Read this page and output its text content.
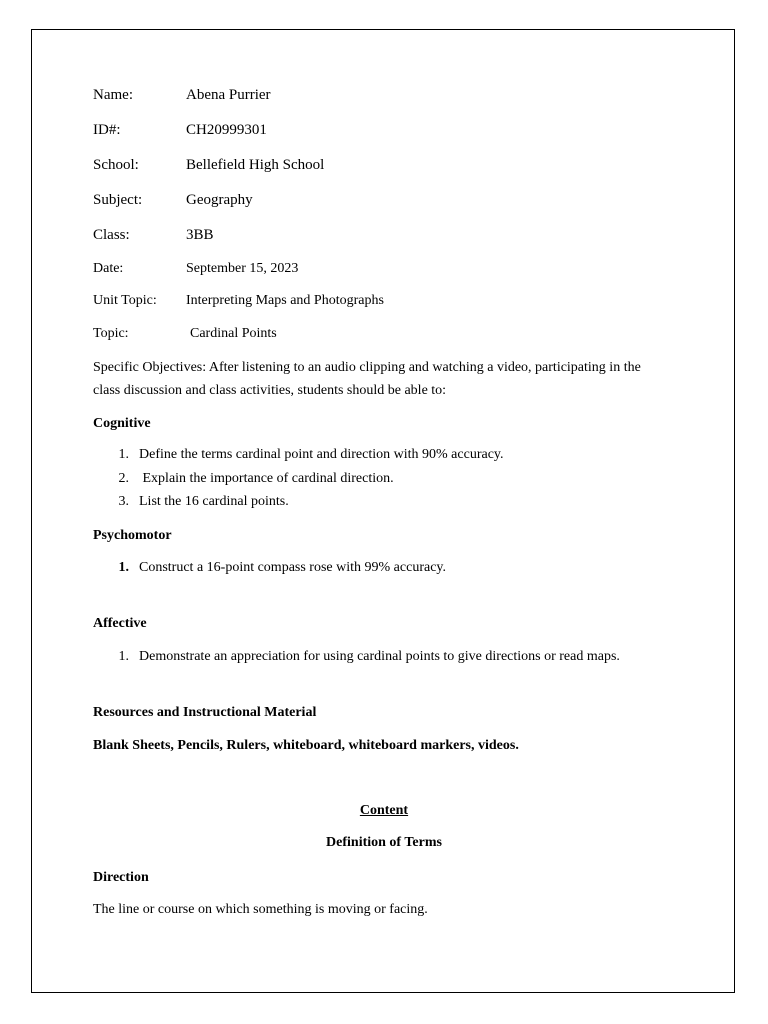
Name:	Abena Purrier
ID#:	CH20999301
School:	Bellefield High School
Subject:	Geography
Class:	3BB
Date:	September 15, 2023
Unit Topic: Interpreting Maps and Photographs
Topic:	Cardinal Points
Specific Objectives: After listening to an audio clipping and watching a video, participating in the class discussion and class activities, students should be able to:
Cognitive
1. Define the terms cardinal point and direction with 90% accuracy.
2. Explain the importance of cardinal direction.
3. List the 16 cardinal points.
Psychomotor
1. Construct a 16-point compass rose with 99% accuracy.
Affective
1. Demonstrate an appreciation for using cardinal points to give directions or read maps.
Resources and Instructional Material
Blank Sheets, Pencils, Rulers, whiteboard, whiteboard markers, videos.
Content
Definition of Terms
Direction
The line or course on which something is moving or facing.
